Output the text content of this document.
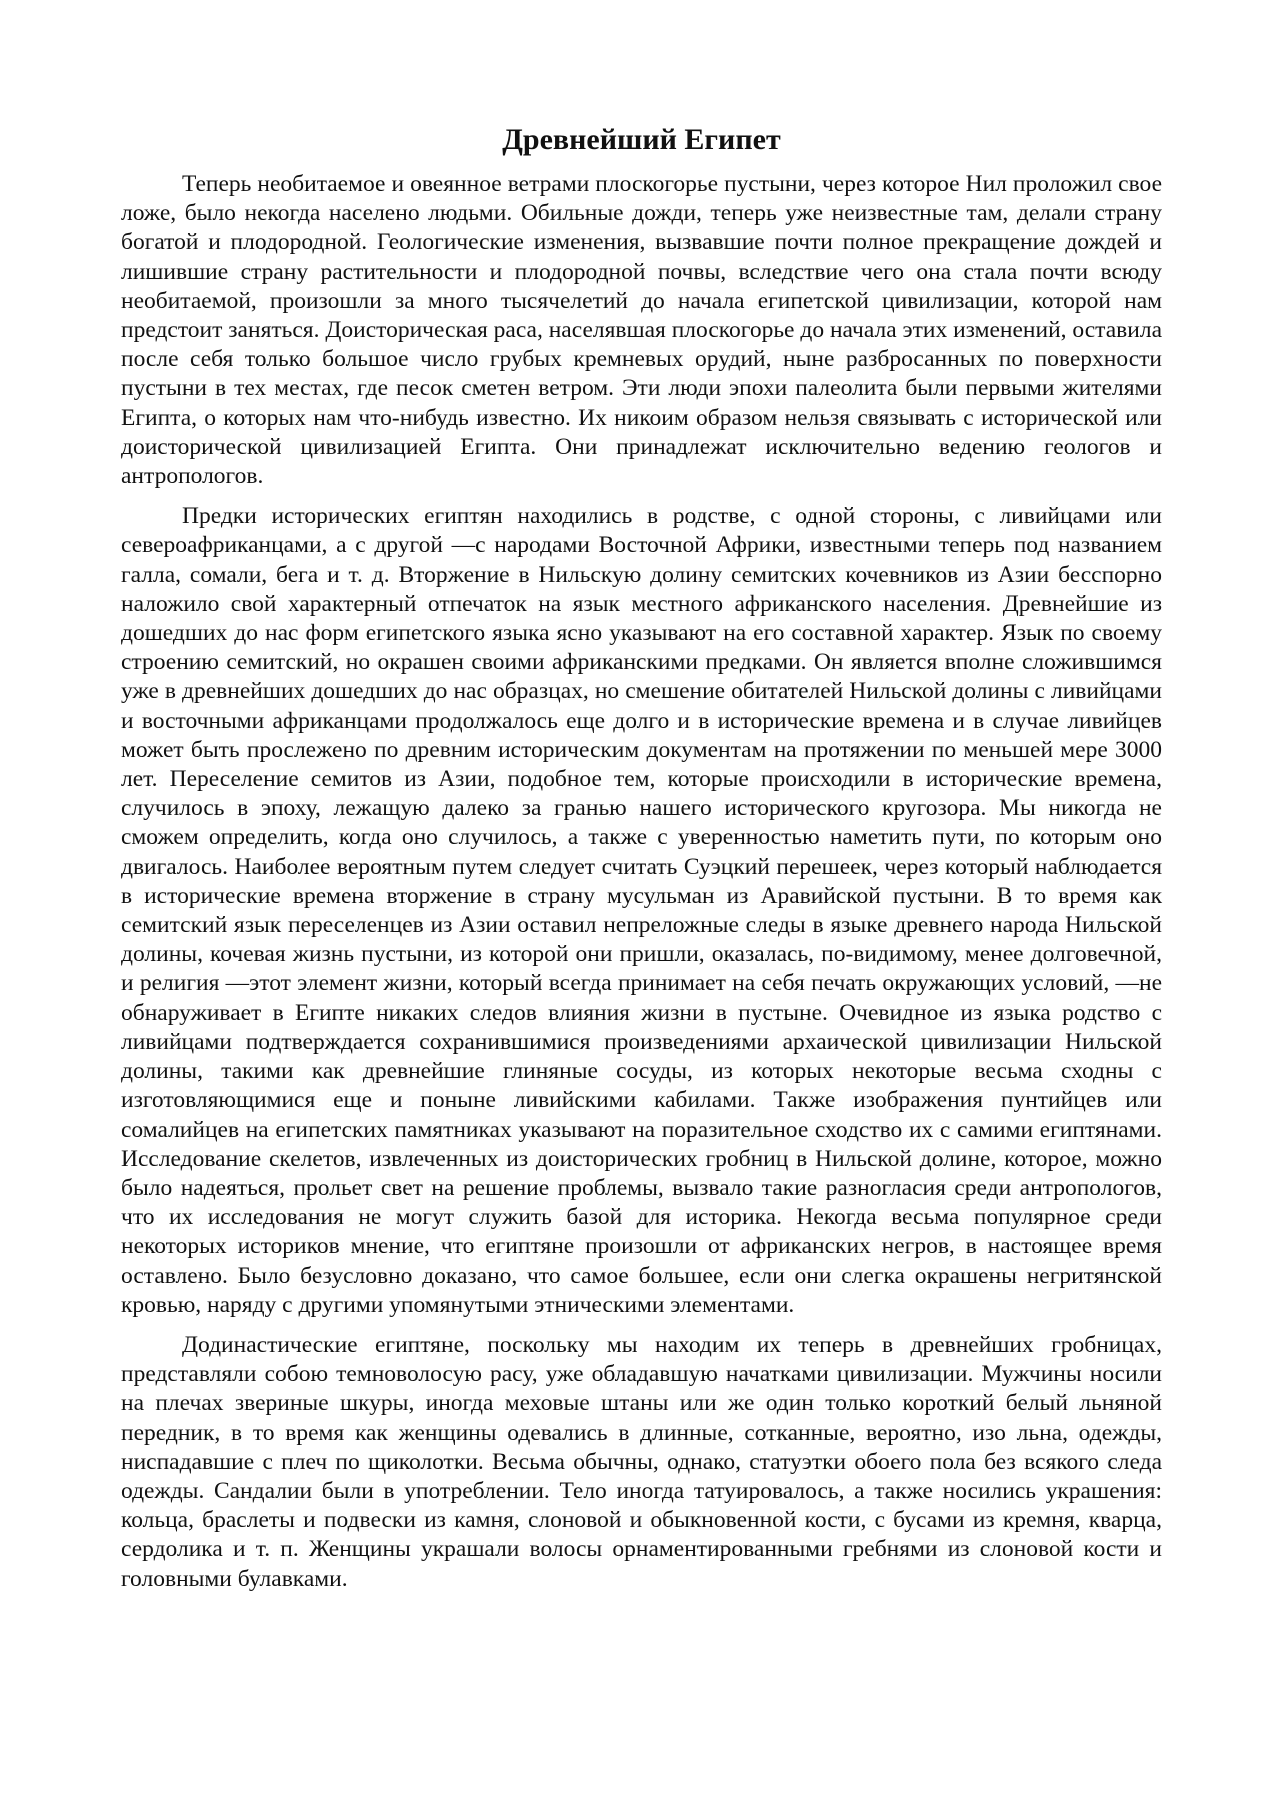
Древнейший Египет

Теперь необитаемое и овеянное ветрами плоскогорье пустыни, через которое Нил проложил свое ложе, было некогда населено людьми. Обильные дожди, теперь уже неизвестные там, делали страну богатой и плодородной. Геологические изменения, вызвавшие почти полное прекращение дождей и лишившие страну растительности и плодородной почвы, вследствие чего она стала почти всюду необитаемой, произошли за много тысячелетий до начала египетской цивилизации, которой нам предстоит заняться. Доисторическая раса, населявшая плоскогорье до начала этих изменений, оставила после себя только большое число грубых кремневых орудий, ныне разбросанных по поверхности пустыни в тех местах, где песок сметен ветром. Эти люди эпохи палеолита были первыми жителями Египта, о которых нам что-нибудь известно. Их никоим образом нельзя связывать с исторической или доисторической цивилизацией Египта. Они принадлежат исключительно ведению геологов и антропологов.

Предки исторических египтян находились в родстве, с одной стороны, с ливийцами или североафриканцами, а с другой —с народами Восточной Африки, известными теперь под названием галла, сомали, бега и т. д. Вторжение в Нильскую долину семитских кочевников из Азии бесспорно наложило свой характерный отпечаток на язык местного африканского населения. Древнейшие из дошедших до нас форм египетского языка ясно указывают на его составной характер. Язык по своему строению семитский, но окрашен своими африканскими предками. Он является вполне сложившимся уже в древнейших дошедших до нас образцах, но смешение обитателей Нильской долины с ливийцами и восточными африканцами продолжалось еще долго и в исторические времена и в случае ливийцев может быть прослежено по древним историческим документам на протяжении по меньшей мере 3000 лет. Переселение семитов из Азии, подобное тем, которые происходили в исторические времена, случилось в эпоху, лежащую далеко за гранью нашего исторического кругозора. Мы никогда не сможем определить, когда оно случилось, а также с уверенностью наметить пути, по которым оно двигалось. Наиболее вероятным путем следует считать Суэцкий перешеек, через который наблюдается в исторические времена вторжение в страну мусульман из Аравийской пустыни. В то время как семитский язык переселенцев из Азии оставил непреложные следы в языке древнего народа Нильской долины, кочевая жизнь пустыни, из которой они пришли, оказалась, по-видимому, менее долговечной, и религия —этот элемент жизни, который всегда принимает на себя печать окружающих условий, —не обнаруживает в Египте никаких следов влияния жизни в пустыне. Очевидное из языка родство с ливийцами подтверждается сохранившимися произведениями архаической цивилизации Нильской долины, такими как древнейшие глиняные сосуды, из которых некоторые весьма сходны с изготовляющимися еще и поныне ливийскими кабилами. Также изображения пунтийцев или сомалийцев на египетских памятниках указывают на поразительное сходство их с самими египтянами. Исследование скелетов, извлеченных из доисторических гробниц в Нильской долине, которое, можно было надеяться, прольет свет на решение проблемы, вызвало такие разногласия среди антропологов, что их исследования не могут служить базой для историка. Некогда весьма популярное среди некоторых историков мнение, что египтяне произошли от африканских негров, в настоящее время оставлено. Было безусловно доказано, что самое большее, если они слегка окрашены негритянской кровью, наряду с другими упомянутыми этническими элементами.

Додинастические египтяне, поскольку мы находим их теперь в древнейших гробницах, представляли собою темноволосую расу, уже обладавшую начатками цивилизации. Мужчины носили на плечах звериные шкуры, иногда меховые штаны или же один только короткий белый льняной передник, в то время как женщины одевались в длинные, сотканные, вероятно, изо льна, одежды, ниспадавшие с плеч по щиколотки. Весьма обычны, однако, статуэтки обоего пола без всякого следа одежды. Сандалии были в употреблении. Тело иногда татуировалось, а также носились украшения: кольца, браслеты и подвески из камня, слоновой и обыкновенной кости, с бусами из кремня, кварца, сердолика и т. п. Женщины украшали волосы орнаментированными гребнями из слоновой кости и головными булавками.
